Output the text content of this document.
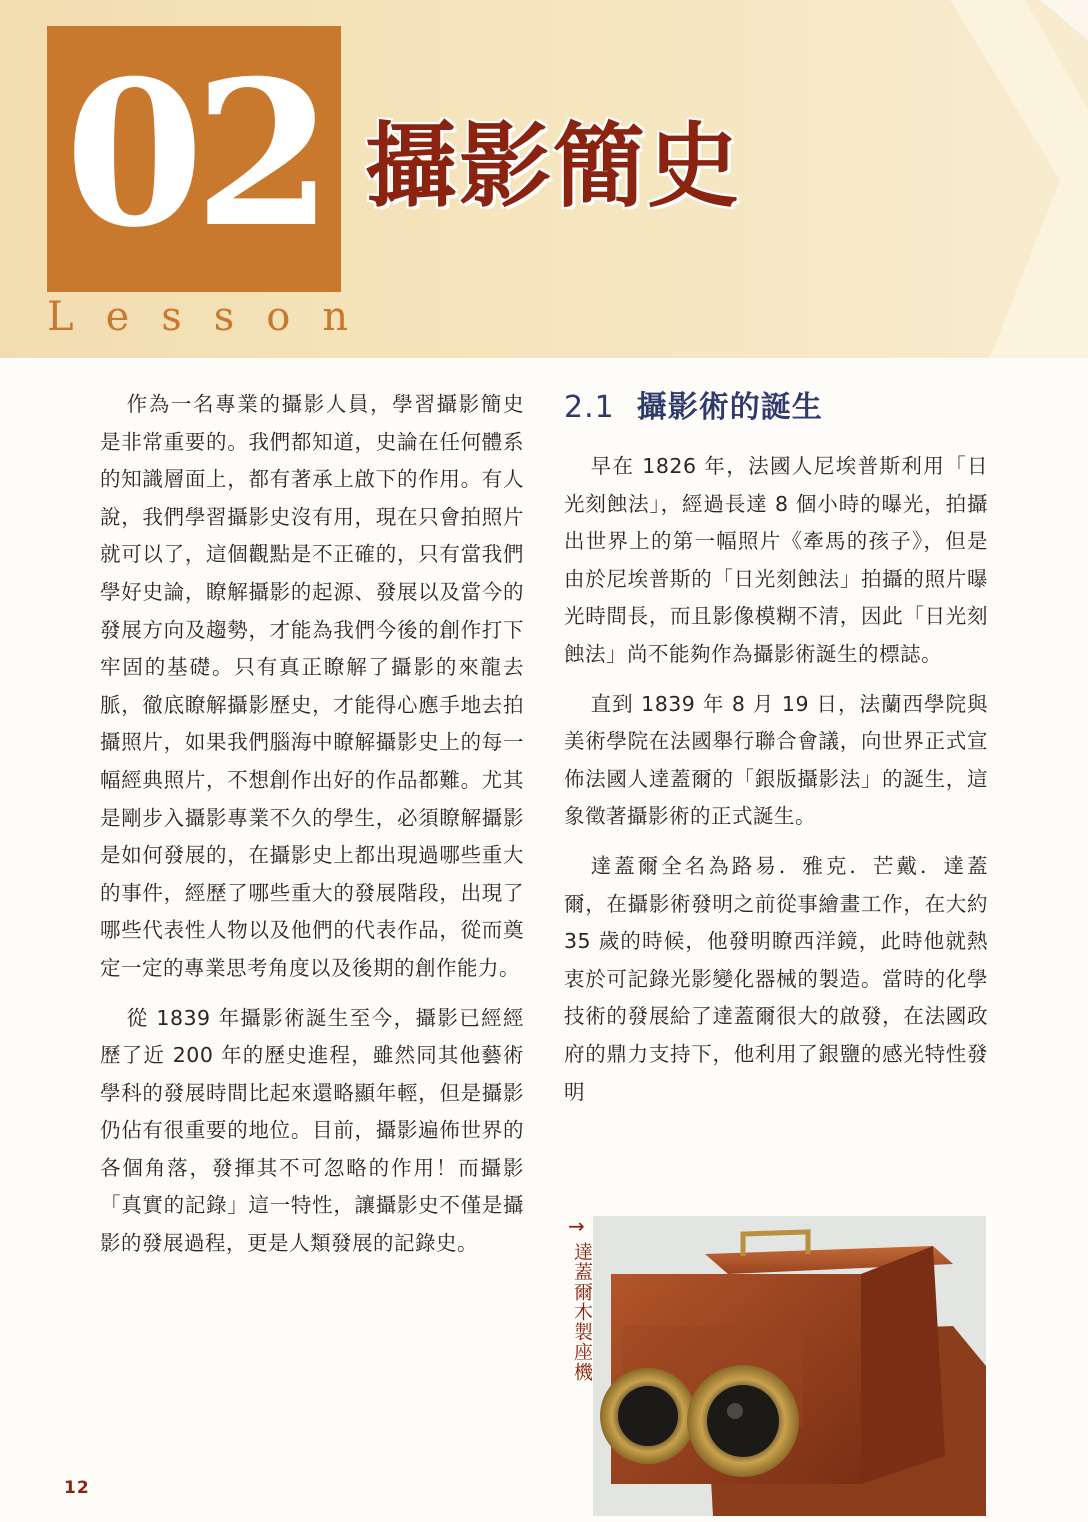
02
Lesson
攝影簡史

作為一名專業的攝影人員，學習攝影簡史是非常重要的。我們都知道，史論在任何體系的知識層面上，都有著承上啟下的作用。有人說，我們學習攝影史沒有用，現在只會拍照片就可以了，這個觀點是不正確的，只有當我們學好史論，瞭解攝影的起源、發展以及當今的發展方向及趨勢，才能為我們今後的創作打下牢固的基礎。只有真正瞭解了攝影的來龍去脈，徹底瞭解攝影歷史，才能得心應手地去拍攝照片，如果我們腦海中瞭解攝影史上的每一幅經典照片，不想創作出好的作品都難。尤其是剛步入攝影專業不久的學生，必須瞭解攝影是如何發展的，在攝影史上都出現過哪些重大的事件，經歷了哪些重大的發展階段，出現了哪些代表性人物以及他們的代表作品，從而奠定一定的專業思考角度以及後期的創作能力。

從 1839 年攝影術誕生至今，攝影已經經歷了近 200 年的歷史進程，雖然同其他藝術學科的發展時間比起來還略顯年輕，但是攝影仍佔有很重要的地位。目前，攝影遍佈世界的各個角落，發揮其不可忽略的作用！而攝影「真實的記錄」這一特性，讓攝影史不僅是攝影的發展過程，更是人類發展的記錄史。

2.1 攝影術的誕生

早在 1826 年，法國人尼埃普斯利用「日光刻蝕法」，經過長達 8 個小時的曝光，拍攝出世界上的第一幅照片《牽馬的孩子》，但是由於尼埃普斯的「日光刻蝕法」拍攝的照片曝光時間長，而且影像模糊不清，因此「日光刻蝕法」尚不能夠作為攝影術誕生的標誌。

直到 1839 年 8 月 19 日，法蘭西學院與美術學院在法國舉行聯合會議，向世界正式宣佈法國人達蓋爾的「銀版攝影法」的誕生，這象徵著攝影術的正式誕生。

達蓋爾全名為路易．雅克．芒戴．達蓋爾，在攝影術發明之前從事繪畫工作，在大約 35 歲的時候，他發明瞭西洋鏡，此時他就熱衷於可記錄光影變化器械的製造。當時的化學技術的發展給了達蓋爾很大的啟發，在法國政府的鼎力支持下，他利用了銀鹽的感光特性發明

→
達蓋爾木製座機
12
